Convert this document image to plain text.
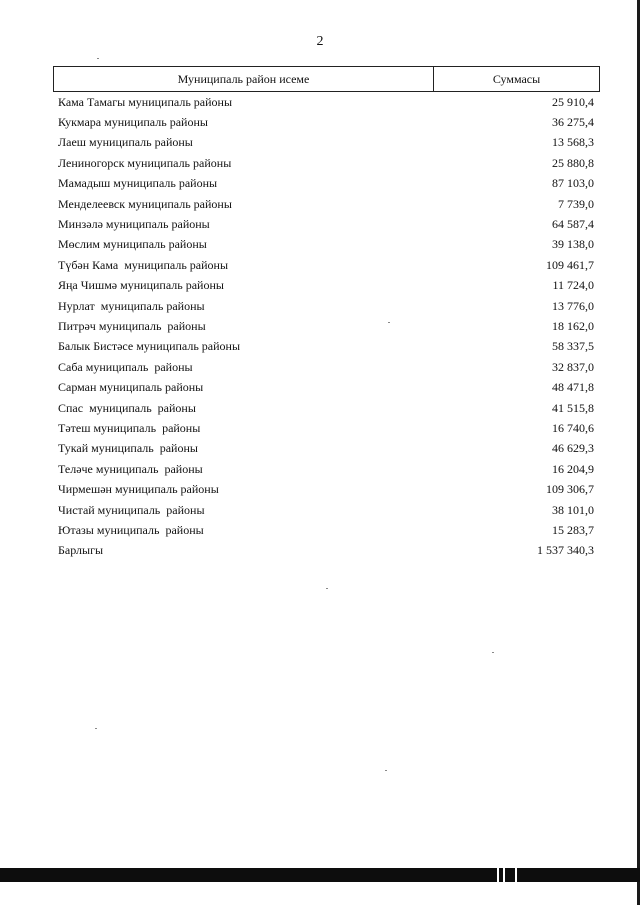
2
Муниципаль район исеме	Суммасы
Кама Тамагы муниципаль районы	25 910,4
Кукмара муниципаль районы	36 275,4
Лаеш муниципаль районы	13 568,3
Лениногорск муниципаль районы	25 880,8
Мамадыш муниципаль районы	87 103,0
Менделеевск муниципаль районы	7 739,0
Минзәлә муниципаль районы	64 587,4
Мөслим муниципаль районы	39 138,0
Түбән Кама  муниципаль районы	109 461,7
Яңа Чишмә муниципаль районы	11 724,0
Нурлат  муниципаль районы	13 776,0
Питрәч муниципаль  районы	18 162,0
Балык Бистәсе муниципаль районы	58 337,5
Саба муниципаль  районы	32 837,0
Сарман муниципаль районы	48 471,8
Спас  муниципаль  районы	41 515,8
Тәтеш муниципаль  районы	16 740,6
Тукай муниципаль  районы	46 629,3
Теләче муниципаль  районы	16 204,9
Чирмешән муниципаль районы	109 306,7
Чистай муниципаль  районы	38 101,0
Ютазы муниципаль  районы	15 283,7
Барлыгы	1 537 340,3
